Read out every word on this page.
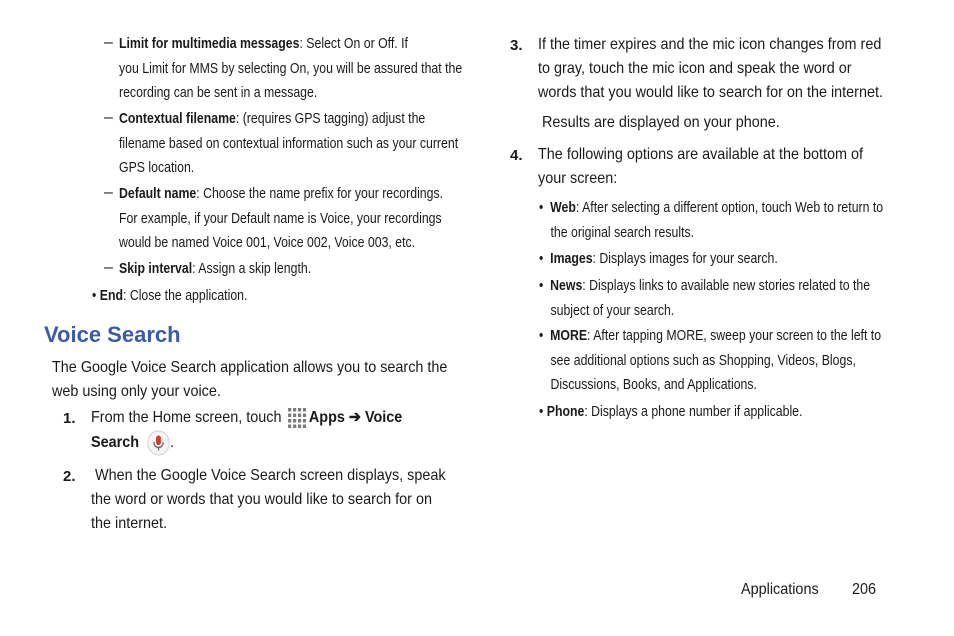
– Limit for multimedia messages: Select On or Off. If
you Limit for MMS by selecting On, you will be assured that the
recording can be sent in a message.
– Contextual filename: (requires GPS tagging) adjust the
filename based on contextual information such as your current
GPS location.
– Default name: Choose the name prefix for your recordings.
For example, if your Default name is Voice, your recordings
would be named Voice 001, Voice 002, Voice 003, etc.
– Skip interval: Assign a skip length.
• End: Close the application.
Voice Search
The Google Voice Search application allows you to search the
web using only your voice.
1. From the Home screen, touch Apps ➔ Voice
Search .
2. When the Google Voice Search screen displays, speak
the word or words that you would like to search for on
the internet.
3. If the timer expires and the mic icon changes from red
to gray, touch the mic icon and speak the word or
words that you would like to search for on the internet.
Results are displayed on your phone.
4. The following options are available at the bottom of
your screen:
• Web: After selecting a different option, touch Web to return to
the original search results.
• Images: Displays images for your search.
• News: Displays links to available new stories related to the
subject of your search.
• MORE: After tapping MORE, sweep your screen to the left to
see additional options such as Shopping, Videos, Blogs,
Discussions, Books, and Applications.
• Phone: Displays a phone number if applicable.
Applications 206
